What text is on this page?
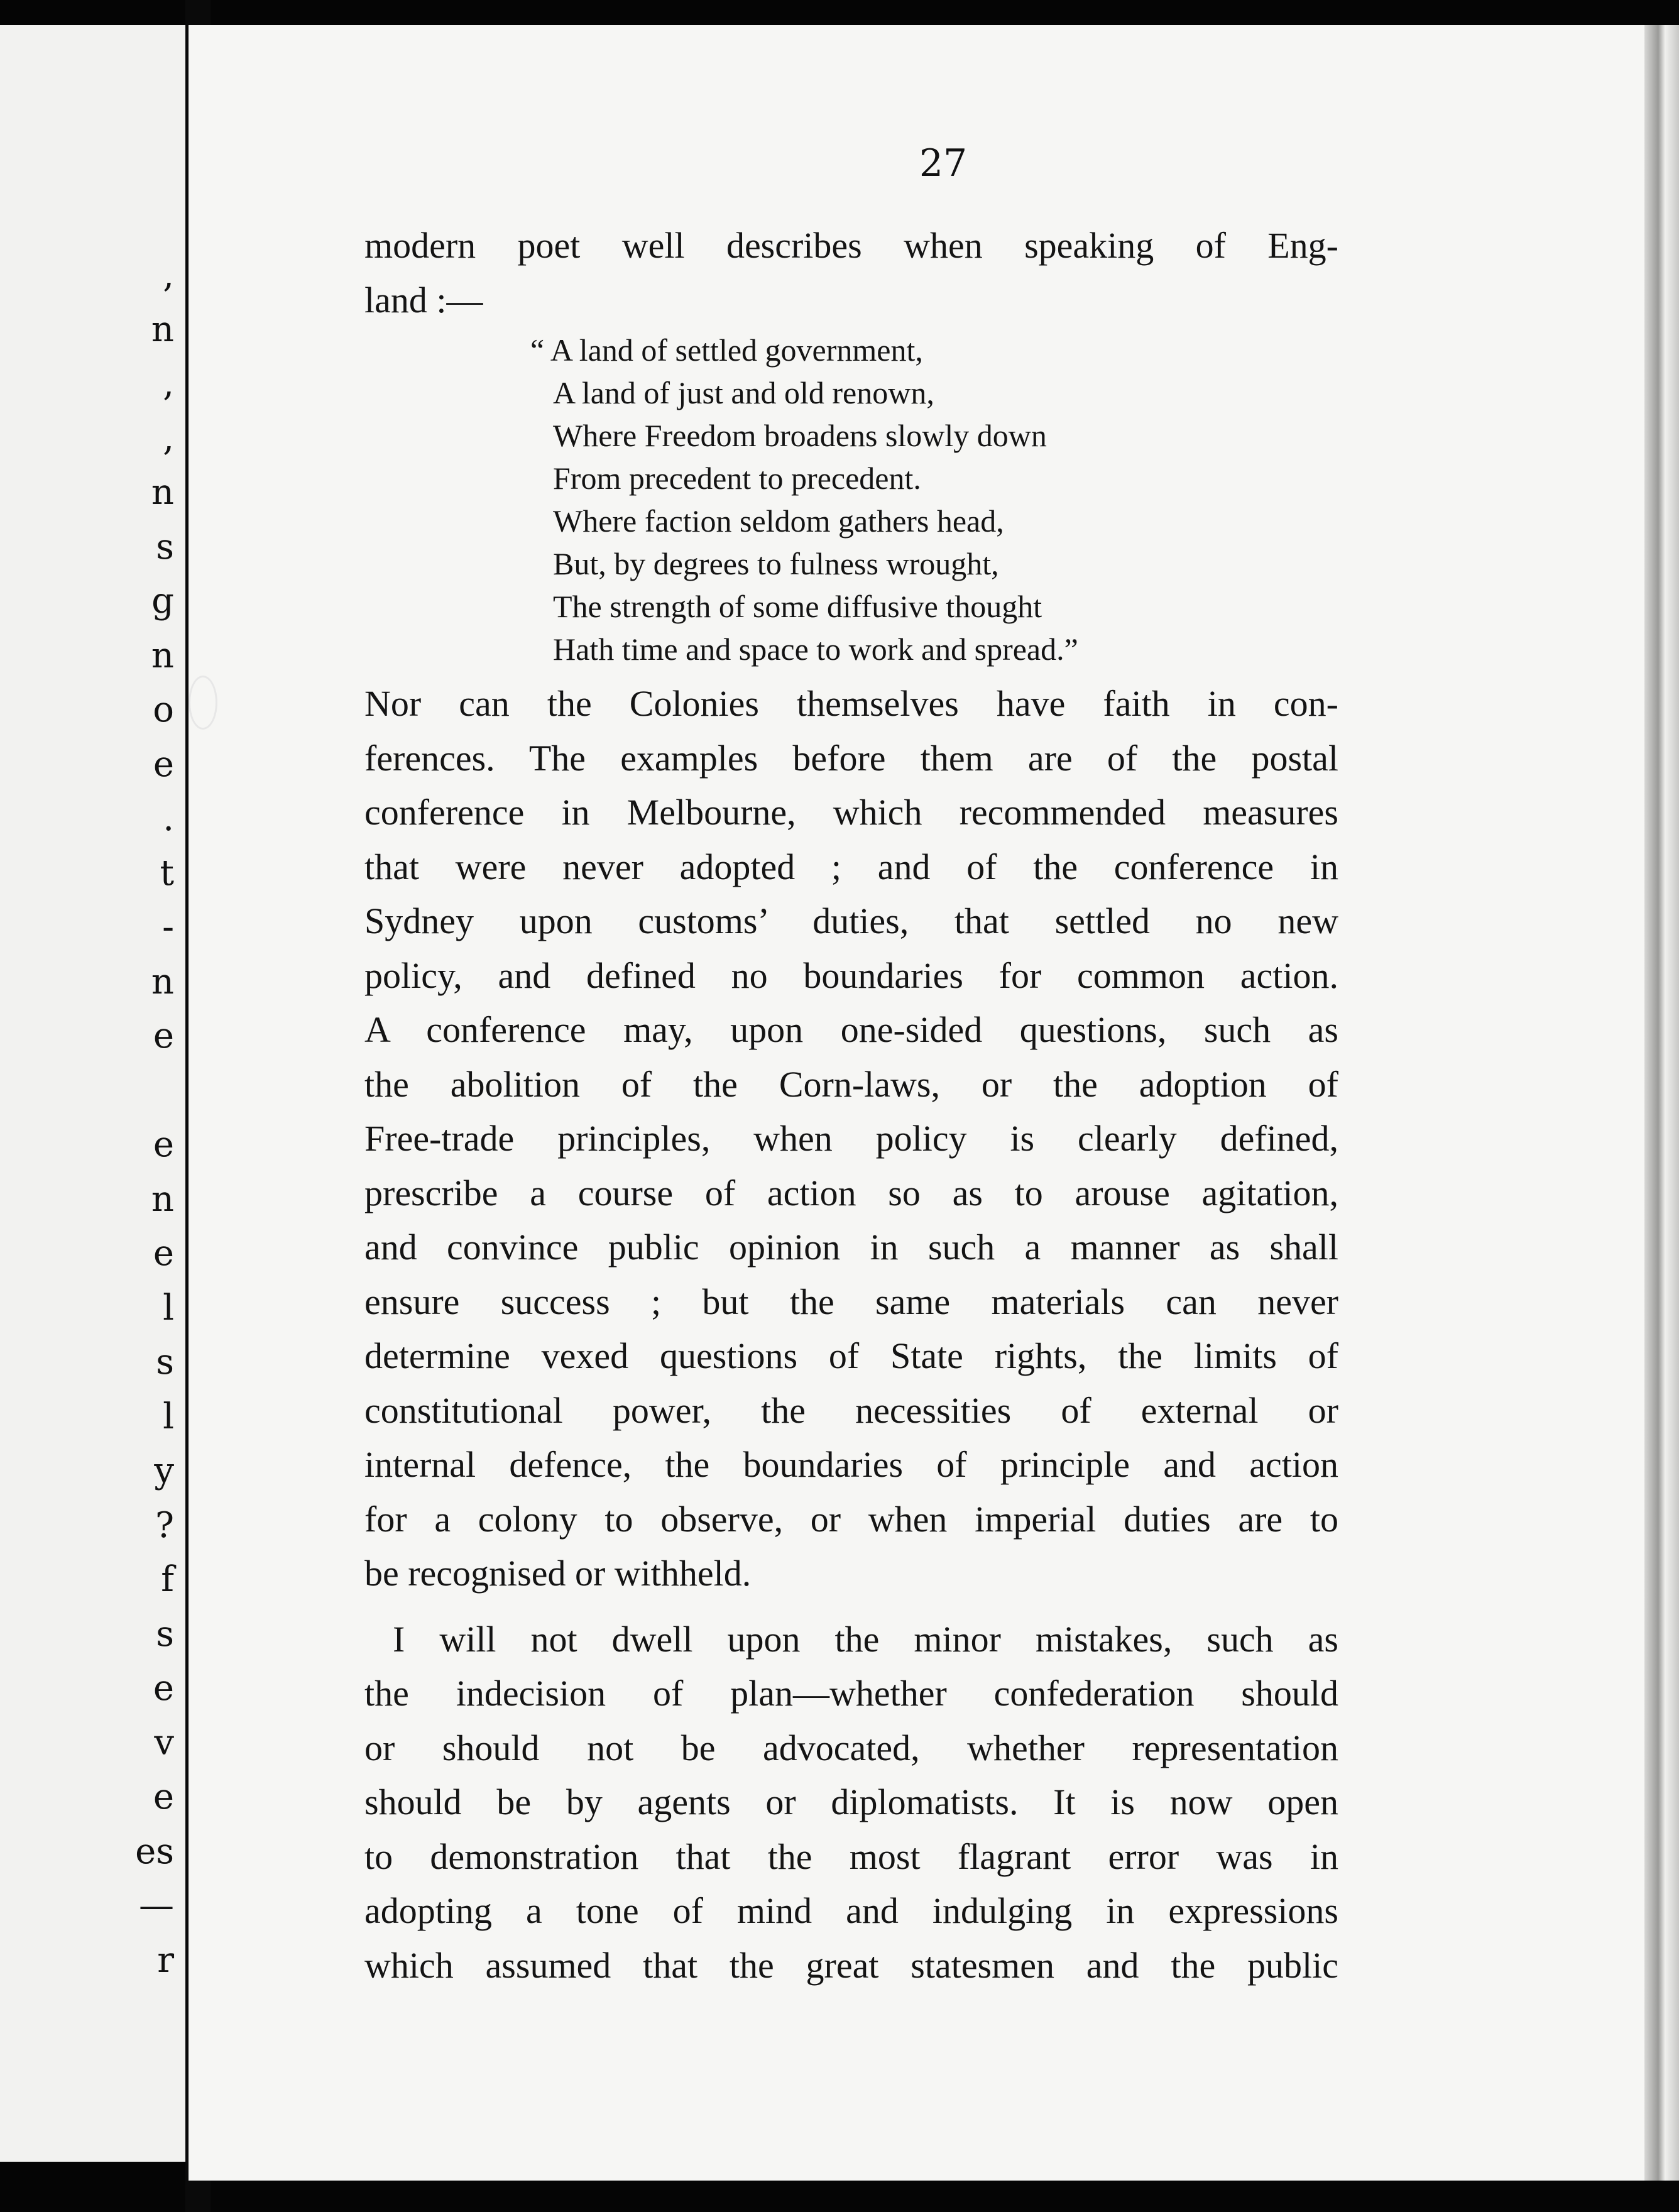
,
n
,
,
n
s
g
n
o
e
.
t
-
n
e
e
n
e
l
s
l
y
?
f
s
e
v
e
es
—
r
27
modern poet well describes when speaking of Eng-
land :—
“ A land of settled government,
A land of just and old renown,
Where Freedom broadens slowly down
From precedent to precedent.
Where faction seldom gathers head,
But, by degrees to fulness wrought,
The strength of some diffusive thought
Hath time and space to work and spread.”
Nor can the Colonies themselves have faith in con-
ferences. The examples before them are of the postal
conference in Melbourne, which recommended measures
that were never adopted ; and of the conference in
Sydney upon customs’ duties, that settled no new
policy, and defined no boundaries for common action.
A conference may, upon one-sided questions, such as
the abolition of the Corn-laws, or the adoption of
Free-trade principles, when policy is clearly defined,
prescribe a course of action so as to arouse agitation,
and convince public opinion in such a manner as shall
ensure success ; but the same materials can never
determine vexed questions of State rights, the limits of
constitutional power, the necessities of external or
internal defence, the boundaries of principle and action
for a colony to observe, or when imperial duties are to
be recognised or withheld.
I will not dwell upon the minor mistakes, such as
the indecision of plan—whether confederation should
or should not be advocated, whether representation
should be by agents or diplomatists. It is now open
to demonstration that the most flagrant error was in
adopting a tone of mind and indulging in expressions
which assumed that the great statesmen and the public
